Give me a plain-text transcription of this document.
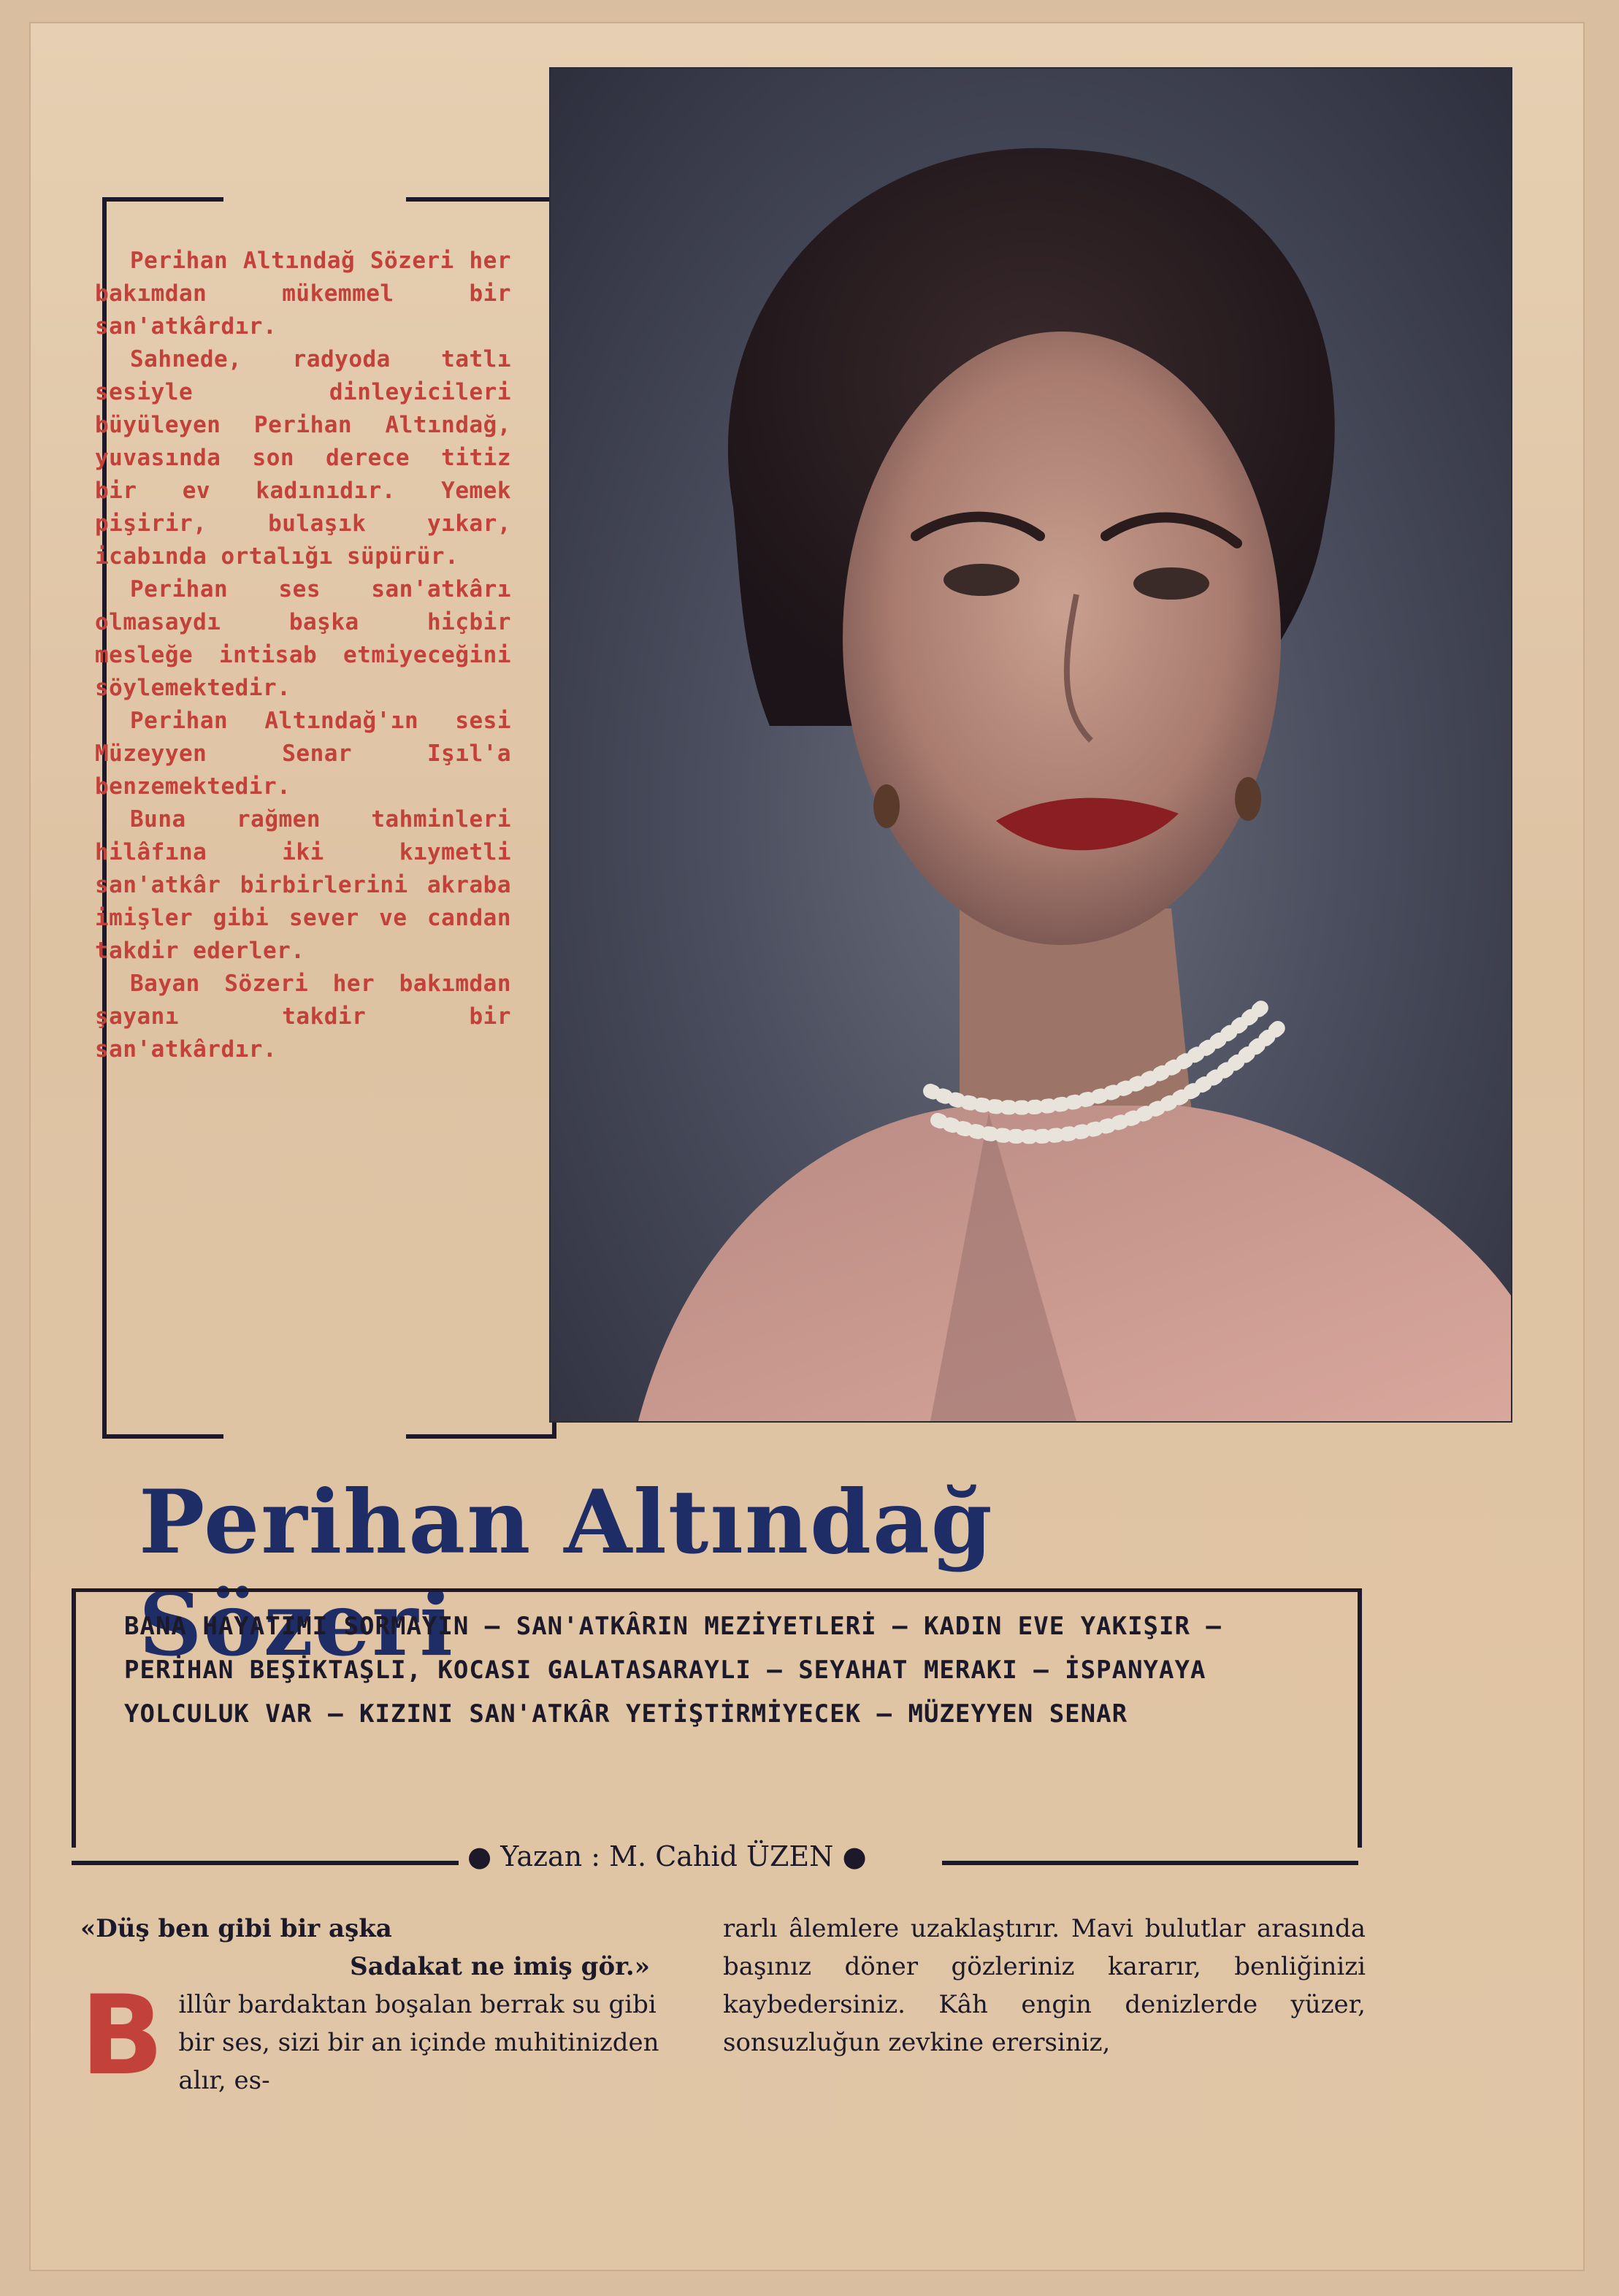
Perihan Altındağ Sözeri her bakımdan mükemmel bir san'atkârdır.

Sahnede, radyoda tatlı sesiyle dinleyicileri büyüleyen Perihan Altındağ, yuvasında son derece titiz bir ev kadınıdır. Yemek pişirir, bulaşık yıkar, icabında ortalığı süpürür.

Perihan ses san'atkârı olmasaydı başka hiçbir mesleğe intisab etmiyeceğini söylemektedir.

Perihan Altındağ'ın sesi Müzeyyen Senar Işıl'a benzemektedir.

Buna rağmen tahminleri hilâfına iki kıymetli san'atkâr birbirlerini akraba imişler gibi sever ve candan takdir ederler.

Bayan Sözeri her bakımdan şayanı takdir bir san'atkârdır.

Perihan Altındağ Sözeri
BANA HAYATIMI SORMAYIN — SAN'ATKÂRIN MEZİYETLERİ — KADIN EVE YAKIŞIR — PERİHAN BEŞİKTAŞLI, KOCASI GALATASARAYLI — SEYAHAT MERAKI — İSPANYAYA YOLCULUK VAR — KIZINI SAN'ATKÂR YETİŞTİRMİYECEK — MÜZEYYEN SENAR
● Yazan : M. Cahid ÜZEN ●
«Düş ben gibi bir aşka
Sadakat ne imiş gör.»
B illûr bardaktan boşalan berrak su gibi bir ses, sizi bir an içinde muhitinizden alır, es-
rarlı âlemlere uzaklaştırır. Mavi bulutlar arasında başınız döner gözleriniz kararır, benliğinizi kaybedersiniz. Kâh engin denizlerde yüzer, sonsuzluğun zevkine erersiniz,
